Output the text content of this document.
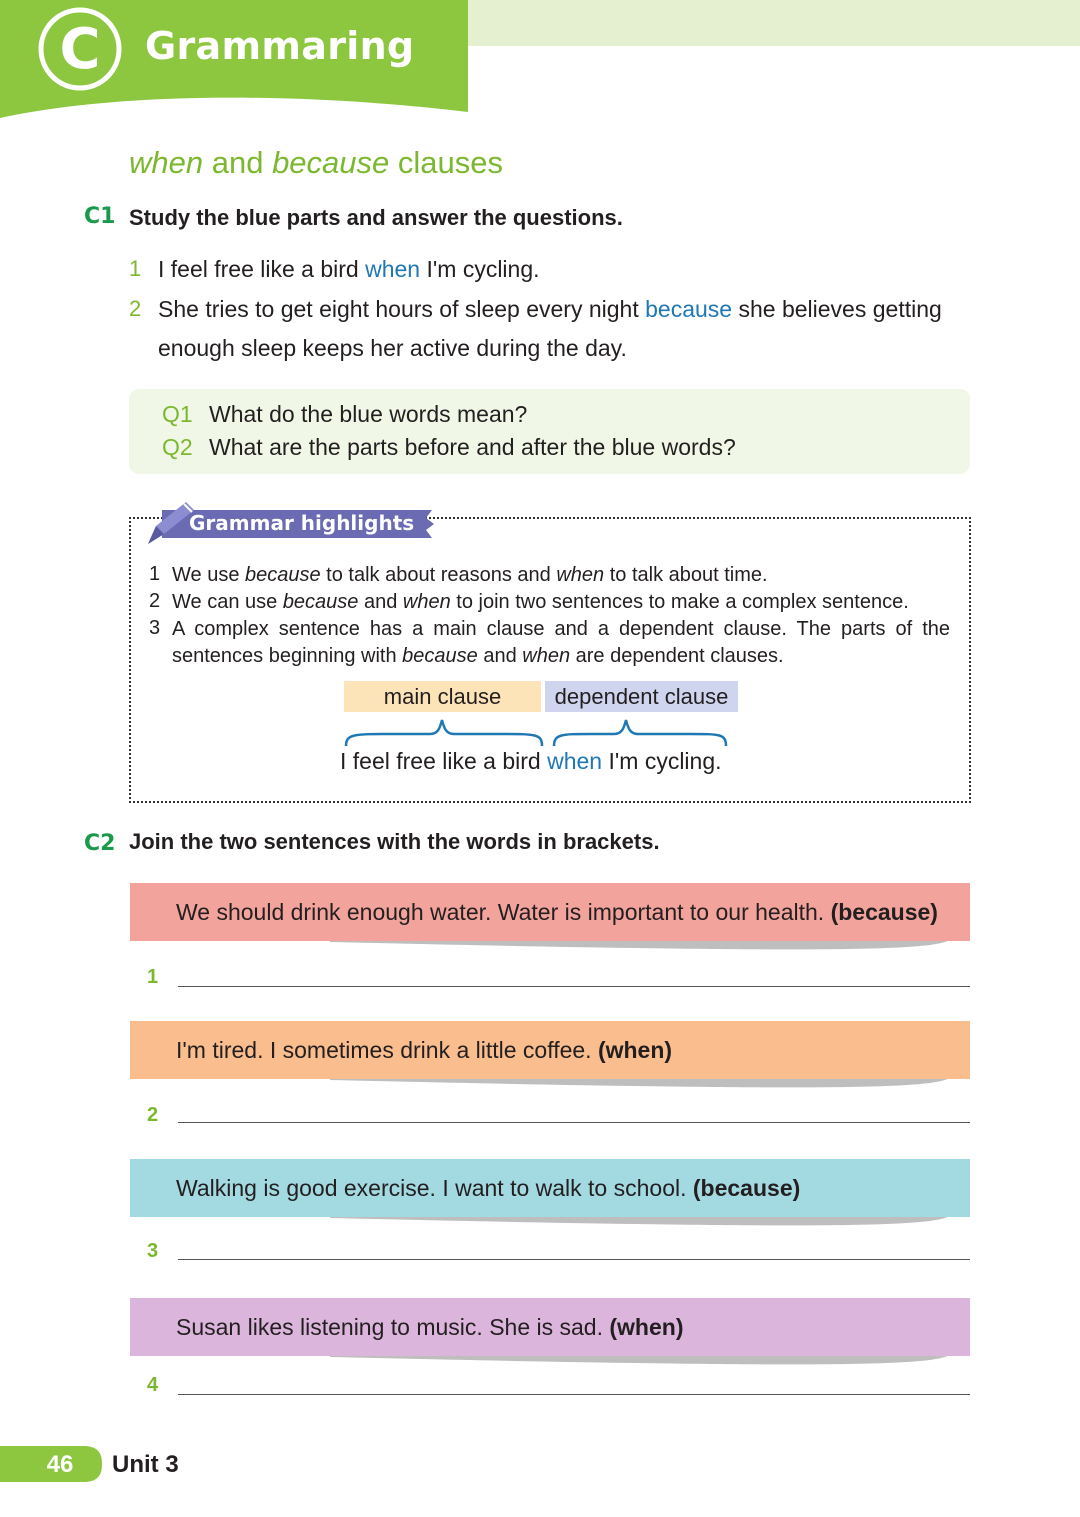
C	Grammaring
when and because clauses
C1 Study the blue parts and answer the questions.
1 I feel free like a bird when I'm cycling.
2 She tries to get eight hours of sleep every night because she believes getting
enough sleep keeps her active during the day.
Q1 What do the blue words mean?
Q2 What are the parts before and after the blue words?
Grammar highlights
1 We use because to talk about reasons and when to talk about time.
2 We can use because and when to join two sentences to make a complex sentence.
3 A complex sentence has a main clause and a dependent clause. The parts of the sentences beginning with because and when are dependent clauses.
main clause	dependent clause
I feel free like a bird when I'm cycling.
C2 Join the two sentences with the words in brackets.
We should drink enough water. Water is important to our health. (because)
1
I'm tired. I sometimes drink a little coffee. (when)
2
Walking is good exercise. I want to walk to school. (because)
3
Susan likes listening to music. She is sad. (when)
4
46	Unit 3
